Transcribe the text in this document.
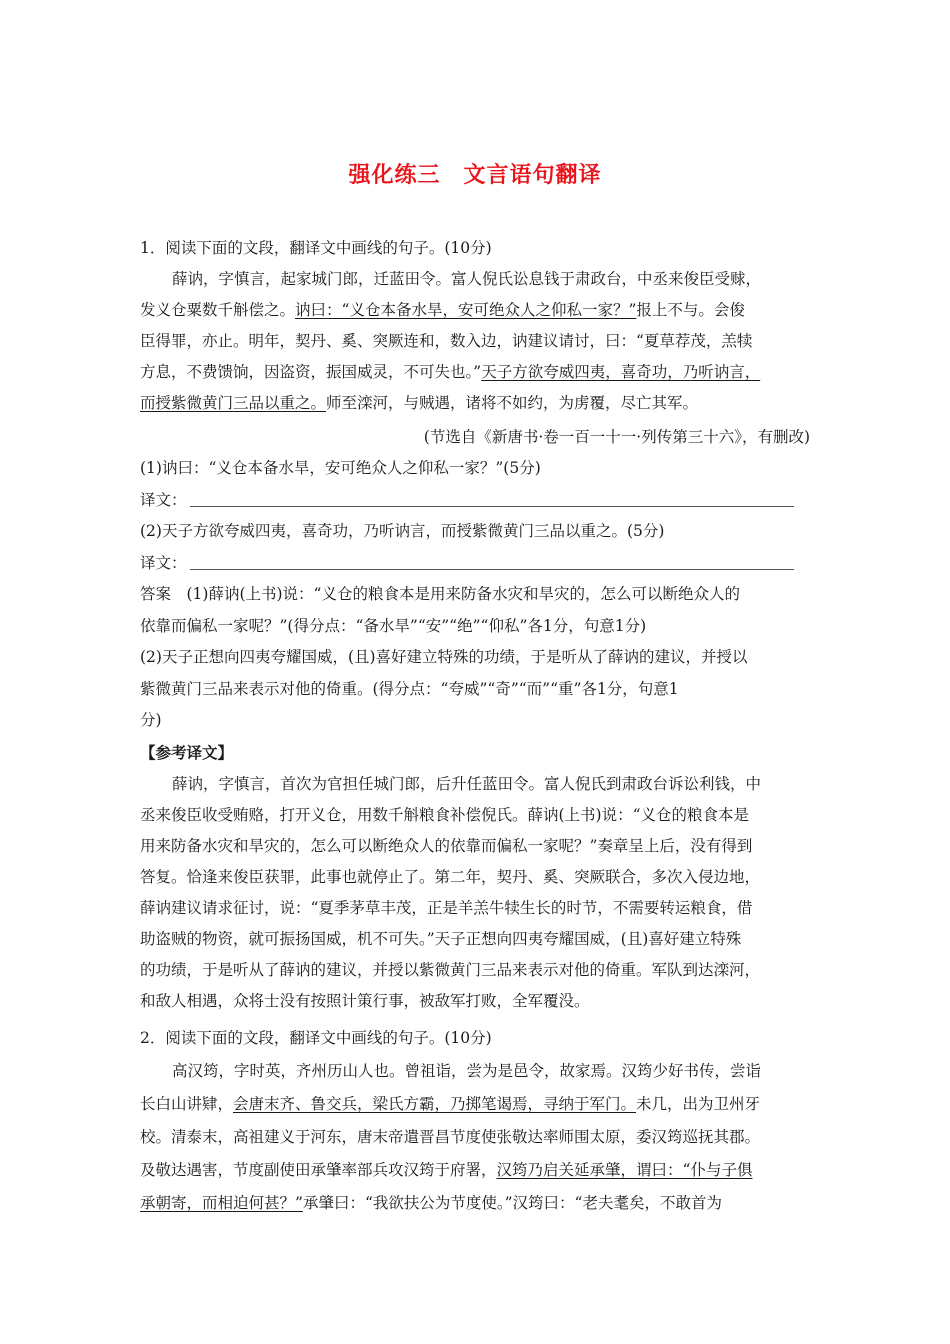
强化练三　文言语句翻译
1．阅读下面的文段，翻译文中画线的句子。(10分)
薛讷，字慎言，起家城门郎，迁蓝田令。富人倪氏讼息钱于肃政台，中丞来俊臣受赇，
发义仓粟数千斛偿之。讷曰：“义仓本备水旱，安可绝众人之仰私一家？”报上不与。会俊
臣得罪，亦止。明年，契丹、奚、突厥连和，数入边，讷建议请讨，曰：“夏草荐茂，羔犊
方息，不费馈饷，因盗资，振国威灵，不可失也。”天子方欲夸威四夷，喜奇功，乃听讷言，
而授紫微黄门三品以重之。师至滦河，与贼遇，诸将不如约，为虏覆，尽亡其军。
(节选自《新唐书·卷一百一十一·列传第三十六》，有删改)
(1)讷曰：“义仓本备水旱，安可绝众人之仰私一家？”(5分)
译文：
(2)天子方欲夸威四夷，喜奇功，乃听讷言，而授紫微黄门三品以重之。(5分)
译文：
答案　(1)薛讷(上书)说：“义仓的粮食本是用来防备水灾和旱灾的，怎么可以断绝众人的
依靠而偏私一家呢？”(得分点：“备水旱”“安”“绝”“仰私”各1分，句意1分)
(2)天子正想向四夷夸耀国威，(且)喜好建立特殊的功绩，于是听从了薛讷的建议，并授以
紫微黄门三品来表示对他的倚重。(得分点：“夸威”“奇”“而”“重”各1分，句意1
分)
【参考译文】
薛讷，字慎言，首次为官担任城门郎，后升任蓝田令。富人倪氏到肃政台诉讼利钱，中
丞来俊臣收受贿赂，打开义仓，用数千斛粮食补偿倪氏。薛讷(上书)说：“义仓的粮食本是
用来防备水灾和旱灾的，怎么可以断绝众人的依靠而偏私一家呢？”奏章呈上后，没有得到
答复。恰逢来俊臣获罪，此事也就停止了。第二年，契丹、奚、突厥联合，多次入侵边地，
薛讷建议请求征讨，说：“夏季茅草丰茂，正是羊羔牛犊生长的时节，不需要转运粮食，借
助盗贼的物资，就可振扬国威，机不可失。”天子正想向四夷夸耀国威，(且)喜好建立特殊
的功绩，于是听从了薛讷的建议，并授以紫微黄门三品来表示对他的倚重。军队到达滦河，
和敌人相遇，众将士没有按照计策行事，被敌军打败，全军覆没。
2．阅读下面的文段，翻译文中画线的句子。(10分)
高汉筠，字时英，齐州历山人也。曾祖诣，尝为是邑令，故家焉。汉筠少好书传，尝诣
长白山讲肄，会唐末齐、鲁交兵，梁氏方霸，乃掷笔谒焉，寻纳于军门。未几，出为卫州牙
校。清泰末，高祖建义于河东，唐末帝遣晋昌节度使张敬达率师围太原，委汉筠巡抚其郡。
及敬达遇害，节度副使田承肇率部兵攻汉筠于府署，汉筠乃启关延承肇，谓曰：“仆与子俱
承朝寄，而相迫何甚？”承肇曰：“我欲扶公为节度使。”汉筠曰：“老夫耄矣，不敢首为
